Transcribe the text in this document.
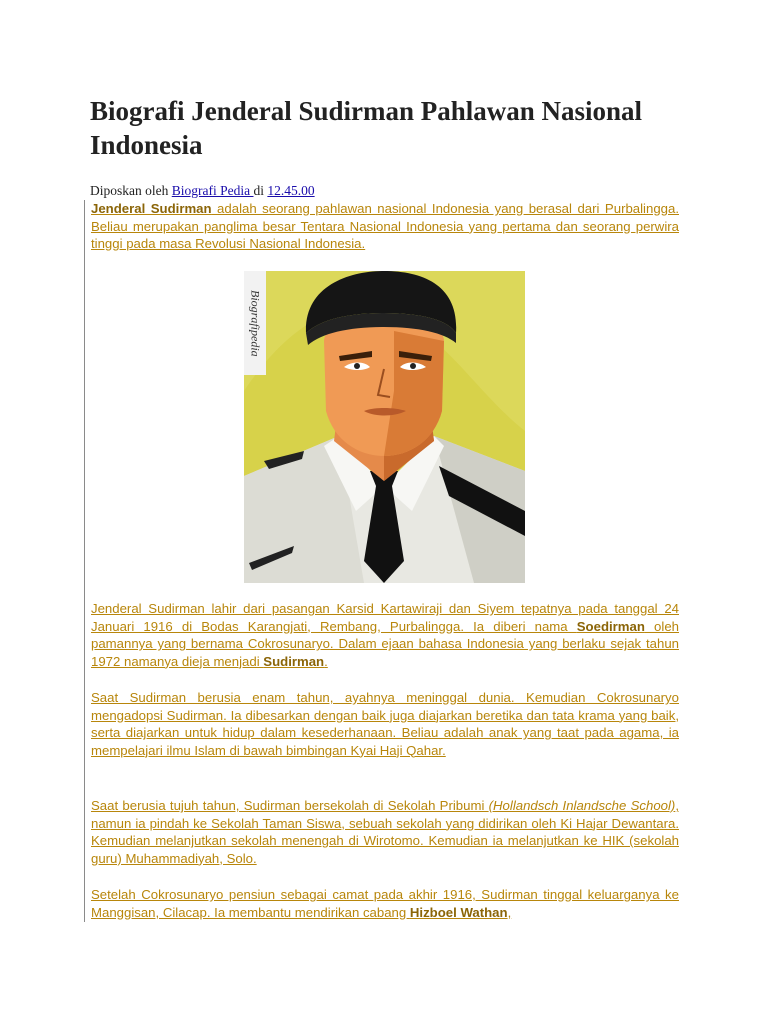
Biografi Jenderal Sudirman Pahlawan Nasional Indonesia
Diposkan oleh Biografi Pedia di 12.45.00

Jenderal Sudirman adalah seorang pahlawan nasional Indonesia yang berasal dari Purbalingga. Beliau merupakan panglima besar Tentara Nasional Indonesia yang pertama dan seorang perwira tinggi pada masa Revolusi Nasional Indonesia.

Jenderal Sudirman lahir dari pasangan Karsid Kartawiraji dan Siyem tepatnya pada tanggal 24 Januari 1916 di Bodas Karangjati, Rembang, Purbalingga. Ia diberi nama Soedirman oleh pamannya yang bernama Cokrosunaryo. Dalam ejaan bahasa Indonesia yang berlaku sejak tahun 1972 namanya dieja menjadi Sudirman.

Saat Sudirman berusia enam tahun, ayahnya meninggal dunia. Kemudian Cokrosunaryo mengadopsi Sudirman. Ia dibesarkan dengan baik juga diajarkan beretika dan tata krama yang baik, serta diajarkan untuk hidup dalam kesederhanaan. Beliau adalah anak yang taat pada agama, ia mempelajari ilmu Islam di bawah bimbingan Kyai Haji Qahar.

Saat berusia tujuh tahun, Sudirman bersekolah di Sekolah Pribumi (Hollandsch Inlandsche School), namun ia pindah ke Sekolah Taman Siswa, sebuah sekolah yang didirikan oleh Ki Hajar Dewantara. Kemudian melanjutkan sekolah menengah di Wirotomo. Kemudian ia melanjutkan ke HIK (sekolah guru) Muhammadiyah, Solo.

Setelah Cokrosunaryo pensiun sebagai camat pada akhir 1916, Sudirman tinggal keluarganya ke Manggisan, Cilacap. Ia membantu mendirikan cabang Hizboel Wathan,

Biografipedia
